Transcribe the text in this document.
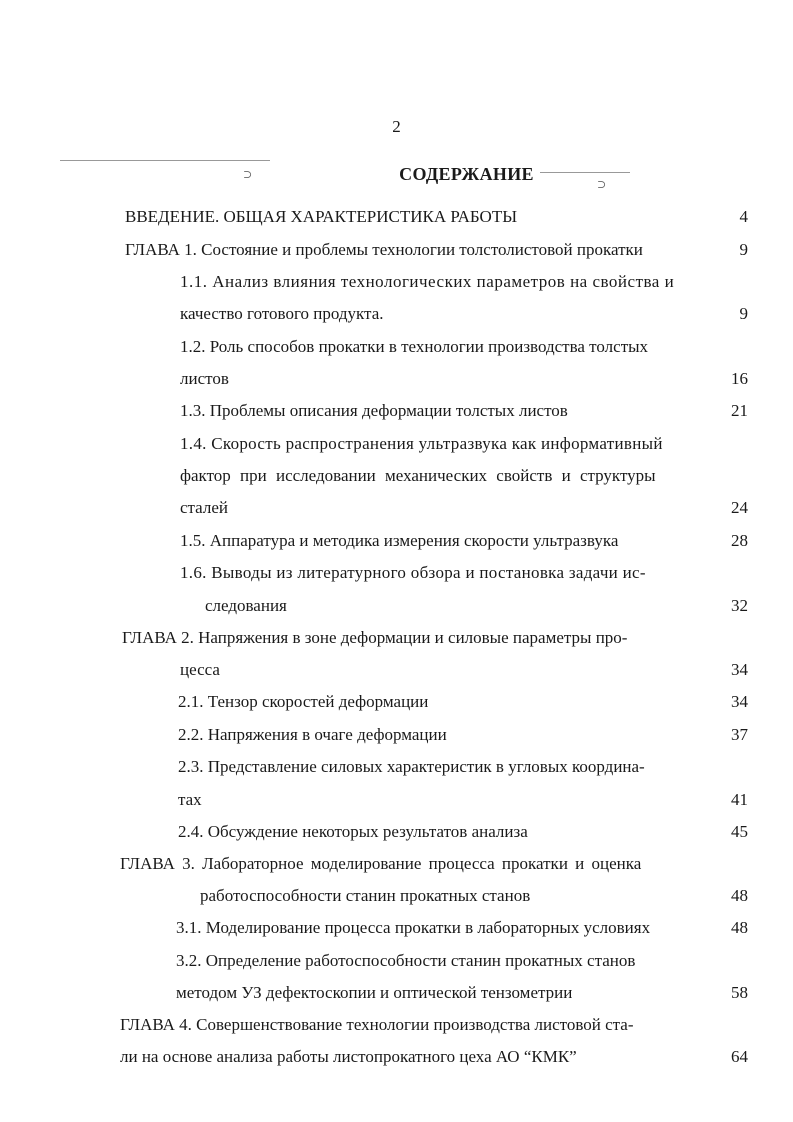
2
⊃
⊃
СОДЕРЖАНИЕ
ВВЕДЕНИЕ. ОБЩАЯ ХАРАКТЕРИСТИКА РАБОТЫ	4
ГЛАВА 1. Состояние и проблемы технологии толстолистовой прокатки	9
1.1. Анализ влияния технологических параметров на свойства и
качество готового продукта.	9
1.2. Роль способов прокатки в технологии производства толстых
листов	16
1.3. Проблемы описания деформации толстых листов	21
1.4. Скорость распространения ультразвука как информативный
фактор при исследовании механических свойств и структуры
сталей	24
1.5. Аппаратура и методика измерения скорости ультразвука	28
1.6. Выводы из литературного обзора и постановка задачи ис-
следования	32
ГЛАВА 2. Напряжения в зоне деформации и силовые параметры про-
цесса	34
2.1. Тензор скоростей деформации	34
2.2. Напряжения в очаге деформации	37
2.3. Представление силовых характеристик в угловых координа-
тах	41
2.4. Обсуждение некоторых результатов анализа	45
ГЛАВА 3. Лабораторное моделирование процесса прокатки и оценка
работоспособности станин прокатных станов	48
3.1. Моделирование процесса прокатки в лабораторных условиях	48
3.2. Определение работоспособности станин прокатных станов
методом УЗ дефектоскопии и оптической тензометрии	58
ГЛАВА 4. Совершенствование технологии производства листовой ста-
ли на основе анализа работы листопрокатного цеха АО “КМК”	64
